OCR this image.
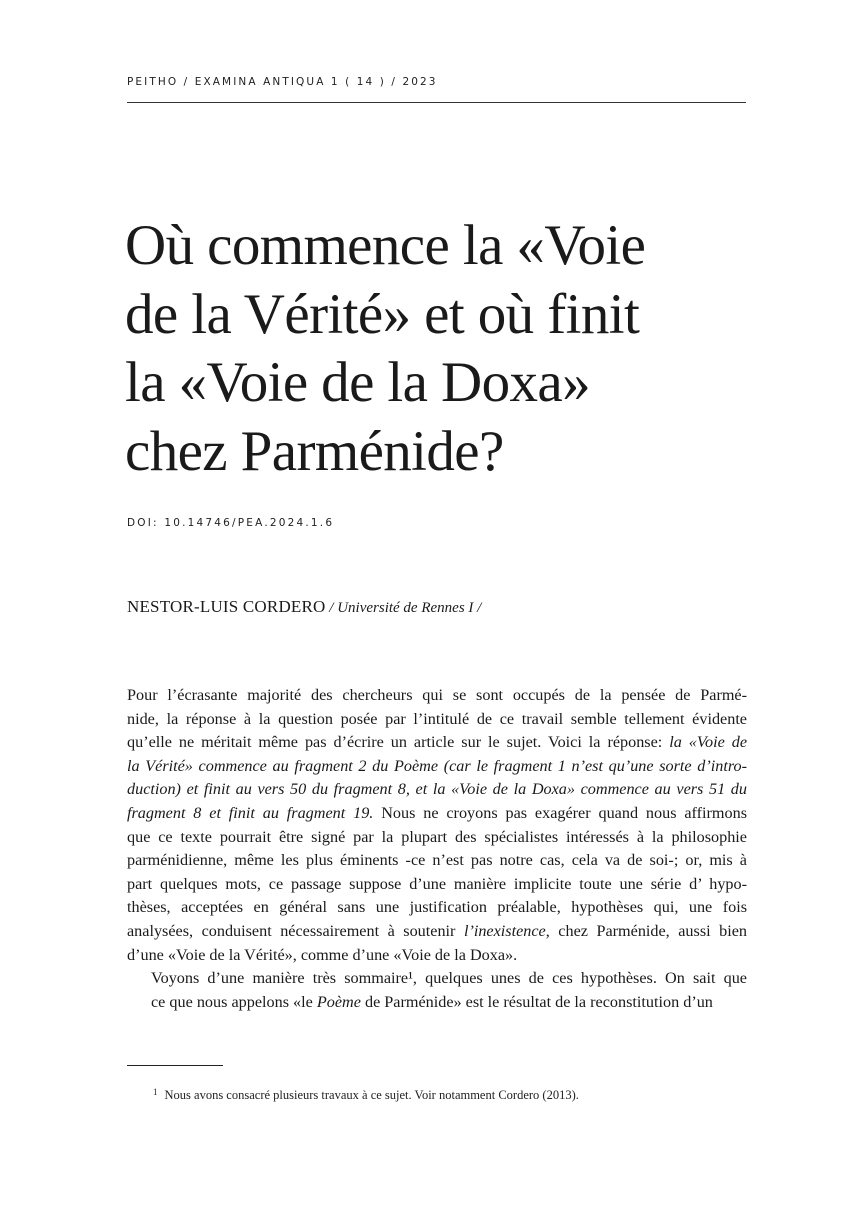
PEITHO / EXAMINA ANTIQUA 1 ( 14 ) / 2023
Où commence la «Voie
de la Vérité» et où finit
la «Voie de la Doxa»
chez Parménide?
DOI: 10.14746/PEA.2024.1.6
NESTOR-LUIS CORDERO / Université de Rennes I /

Pour l’écrasante majorité des chercheurs qui se sont occupés de la pensée de Parmé-
nide, la réponse à la question posée par l’intitulé de ce travail semble tellement évidente
qu’elle ne méritait même pas d’écrire un article sur le sujet. Voici la réponse: la «Voie de
la Vérité» commence au fragment 2 du Poème (car le fragment 1 n’est qu’une sorte d’intro-
duction) et finit au vers 50 du fragment 8, et la «Voie de la Doxa» commence au vers 51 du
fragment 8 et finit au fragment 19. Nous ne croyons pas exagérer quand nous affirmons
que ce texte pourrait être signé par la plupart des spécialistes intéressés à la philosophie
parménidienne, même les plus éminents -ce n’est pas notre cas, cela va de soi-; or, mis à
part quelques mots, ce passage suppose d’une manière implicite toute une série d’ hypo-
thèses, acceptées en général sans une justification préalable, hypothèses qui, une fois
analysées, conduisent nécessairement à soutenir l’inexistence, chez Parménide, aussi bien
d’une «Voie de la Vérité», comme d’une «Voie de la Doxa».

Voyons d’une manière très sommaire¹, quelques unes de ces hypothèses. On sait que
ce que nous appelons «le Poème de Parménide» est le résultat de la reconstitution d’un

$^1$ Nous avons consacré plusieurs travaux à ce sujet. Voir notamment Cordero (2013).
